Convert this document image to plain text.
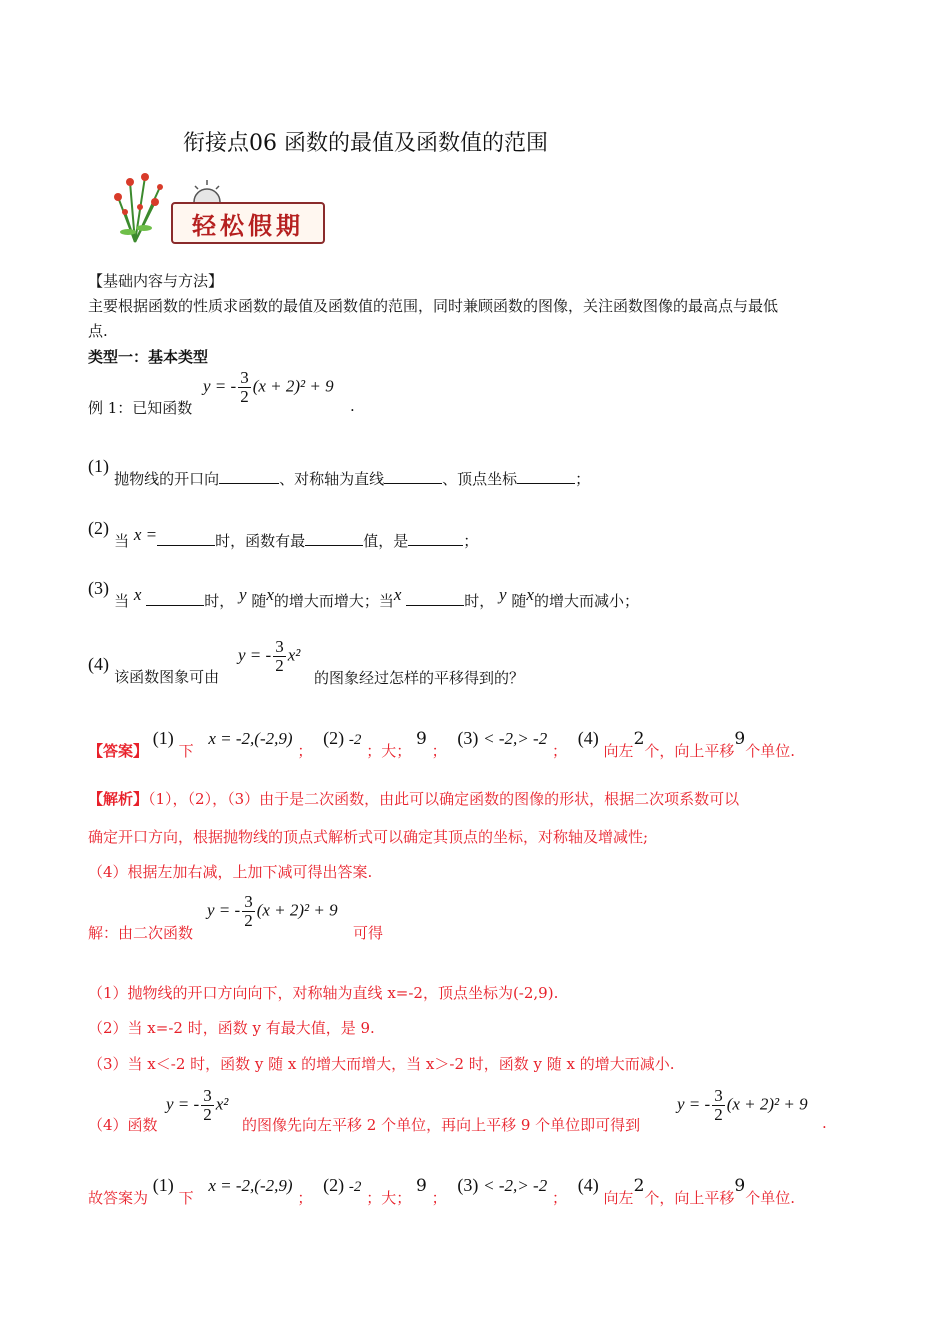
衔接点06 函数的最值及函数值的范围
轻松假期
【基础内容与方法】
主要根据函数的性质求函数的最值及函数值的范围，同时兼顾函数的图像，关注函数图像的最高点与最低
点.
类型一：基本类型
例 1：已知函数
y = - $\frac{3}{2} (x + 2)^2 + 9$
.
(1) 抛物线的开口向	、对称轴为直线	、顶点坐标	；
(2) 当 x =	时，函数有最	值，是	；
(3) 当 x	时， y 随x的增大而增大；当x	时， y 随x的增大而减小；
(4) 该函数图象可由
y = - $\frac{3}{2} x^2$
的图象经过怎样的平移得到的？
【答案】 (1) 下 x = -2,(-2,9) ； (2) -2 ；大； 9 ； (3) < -2,> -2 ； (4) 向左2个，向上平移9个单位.
【解析】（1），（2），（3）由于是二次函数，由此可以确定函数的图像的形状，根据二次项系数可以
确定开口方向，根据抛物线的顶点式解析式可以确定其顶点的坐标，对称轴及增减性;
（4）根据左加右减，上加下减可得出答案.
解：由二次函数
y = - $\frac{3}{2} (x + 2)^2 + 9$
可得
（1）抛物线的开口方向向下，对称轴为直线 x=-2，顶点坐标为(-2,9).
（2）当 x=-2 时，函数 y 有最大值，是 9.
（3）当 x＜-2 时，函数 y 随 x 的增大而增大，当 x＞-2 时，函数 y 随 x 的增大而减小.
（4）函数
y = - $\frac{3}{2} x^2$
的图像先向左平移 2 个单位，再向上平移 9 个单位即可得到
y = - $\frac{3}{2} (x + 2)^2 + 9$
.
故答案为 (1) 下 x = -2,(-2,9) ； (2) -2 ；大； 9 ； (3) < -2,> -2 ； (4) 向左2个，向上平移9个单位.
